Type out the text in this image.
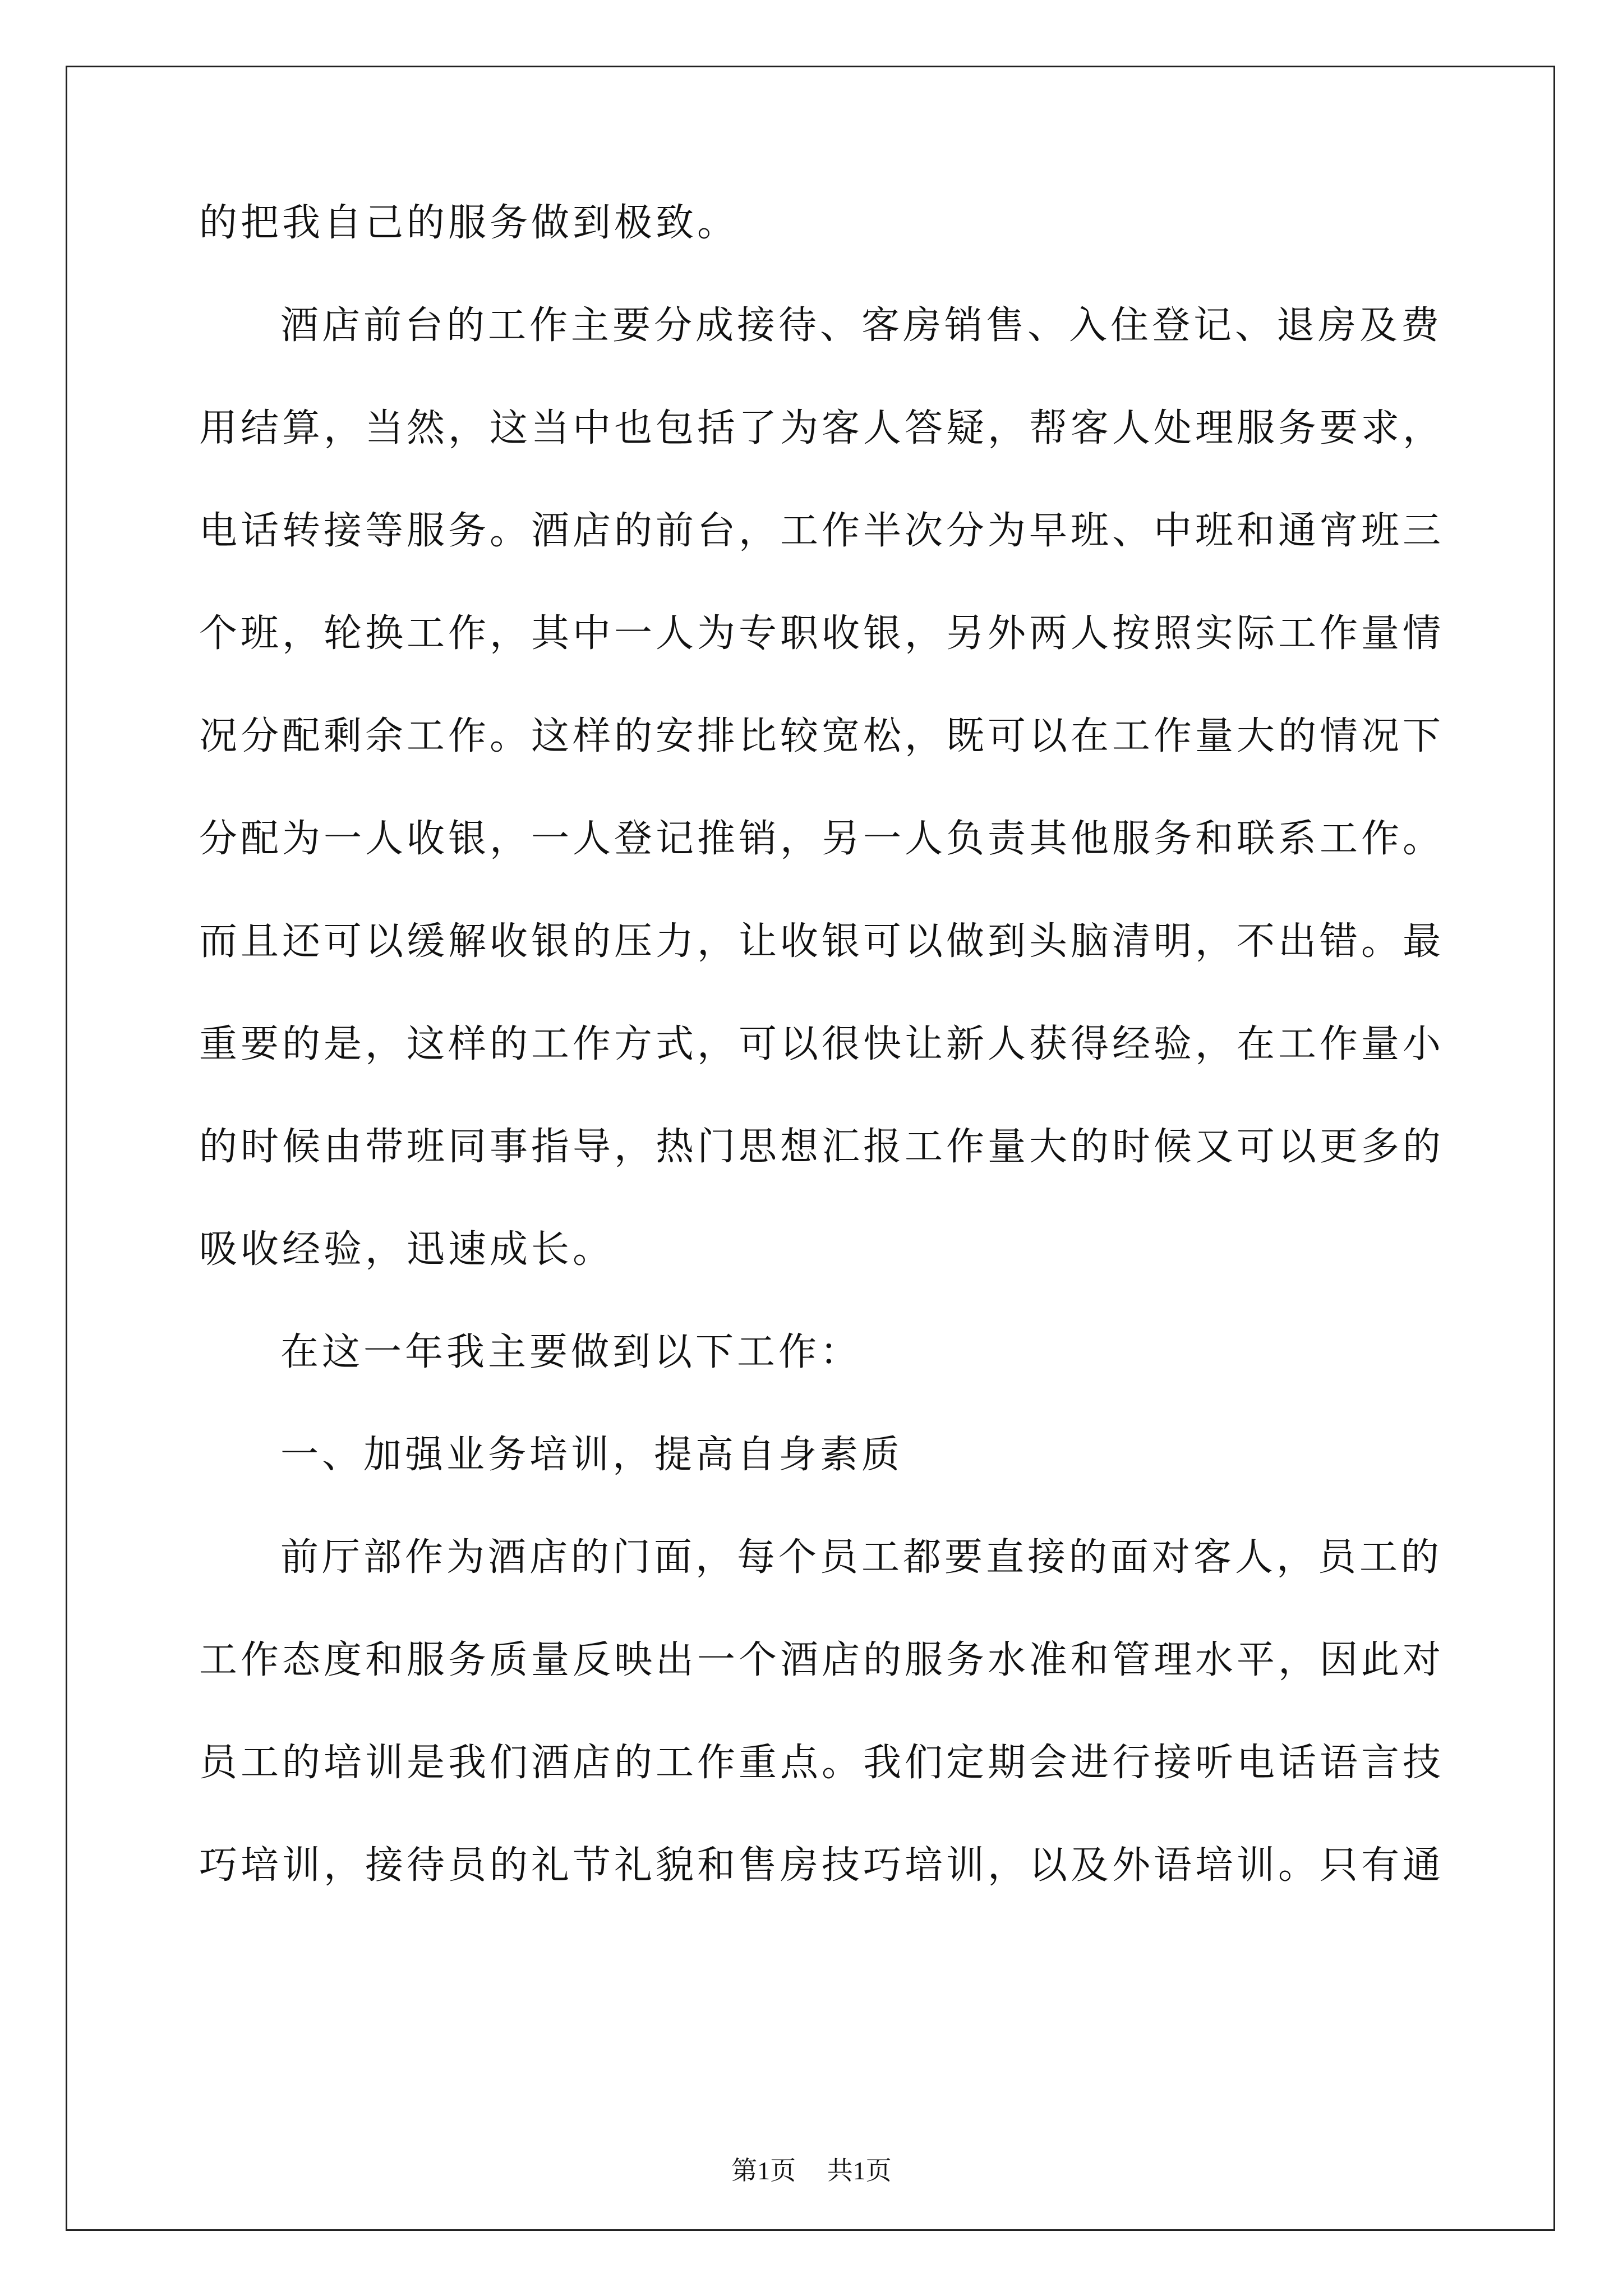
的把我自己的服务做到极致。
酒店前台的工作主要分成接待、客房销售、入住登记、退房及费
用结算，当然，这当中也包括了为客人答疑，帮客人处理服务要求，
电话转接等服务。酒店的前台，工作半次分为早班、中班和通宵班三
个班，轮换工作，其中一人为专职收银，另外两人按照实际工作量情
况分配剩余工作。这样的安排比较宽松，既可以在工作量大的情况下
分配为一人收银，一人登记推销，另一人负责其他服务和联系工作。
而且还可以缓解收银的压力，让收银可以做到头脑清明，不出错。最
重要的是，这样的工作方式，可以很快让新人获得经验，在工作量小
的时候由带班同事指导，热门思想汇报工作量大的时候又可以更多的
吸收经验，迅速成长。
在这一年我主要做到以下工作：
一、加强业务培训，提高自身素质
前厅部作为酒店的门面，每个员工都要直接的面对客人，员工的
工作态度和服务质量反映出一个酒店的服务水准和管理水平，因此对
员工的培训是我们酒店的工作重点。我们定期会进行接听电话语言技
巧培训，接待员的礼节礼貌和售房技巧培训，以及外语培训。只有通
第1页 共1页
